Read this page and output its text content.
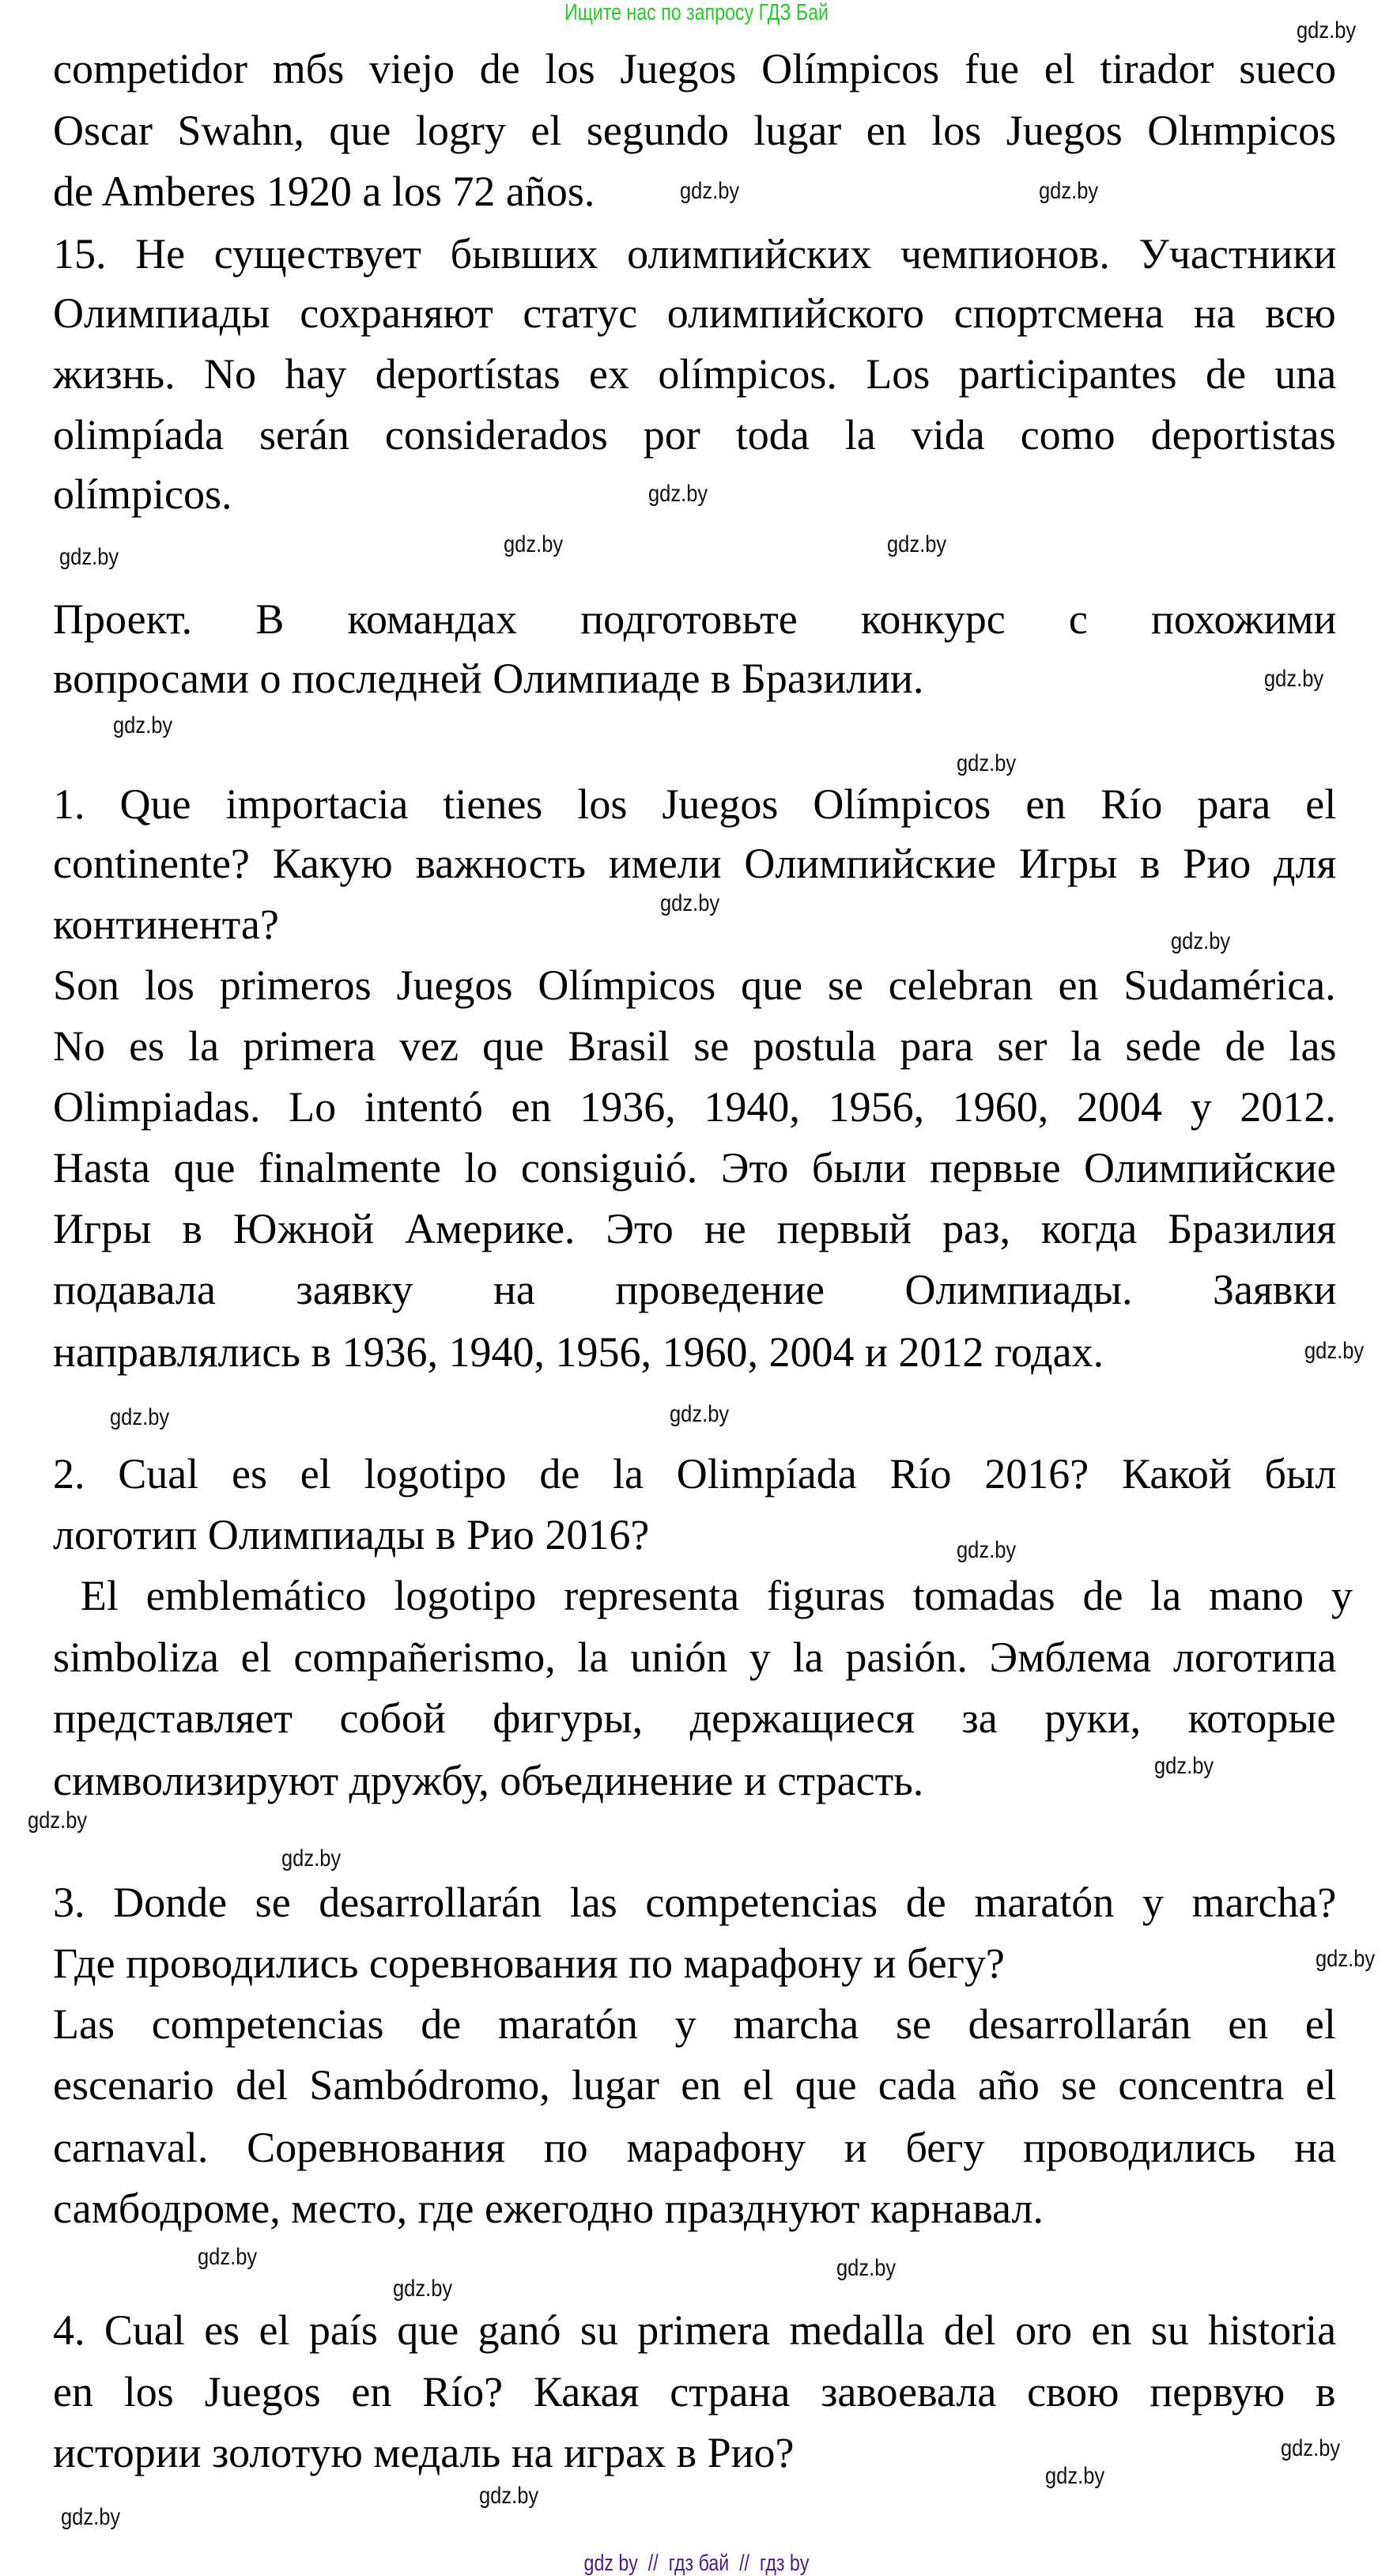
Ищите нас по запросу ГДЗ Бай
competidor mбs viejo de los Juegos Olímpicos fue el tirador sueco
Oscar Swahn, que logry el segundo lugar en los Juegos Olнmpicos
de Amberes 1920 a los 72 años.
15. Не существует бывших олимпийских чемпионов. Участники
Олимпиады сохраняют статус олимпийского спортсмена на всю
жизнь. No hay deportístas ex olímpicos. Los participantes de una
olimpíada serán considerados por toda la vida como deportistas
olímpicos.
Проект. В командах подготовьте конкурс с похожими
вопросами о последней Олимпиаде в Бразилии.
1. Que importacia tienes los Juegos Olímpicos en Río para el
continente? Какую важность имели Олимпийские Игры в Рио для
континента?
Son los primeros Juegos Olímpicos que se celebran en Sudamérica.
No es la primera vez que Brasil se postula para ser la sede de las
Olimpiadas. Lo intentó en 1936, 1940, 1956, 1960, 2004 y 2012.
Hasta que finalmente lo consiguió. Это были первые Олимпийские
Игры в Южной Америке. Это не первый раз, когда Бразилия
подавала заявку на проведение Олимпиады. Заявки
направлялись в 1936, 1940, 1956, 1960, 2004 и 2012 годах.
2. Cual es el logotipo de la Olimpíada Río 2016? Какой был
логотип Олимпиады в Рио 2016?
El emblemático logotipo representa figuras tomadas de la mano y
simboliza el compañerismo, la unión y la pasión. Эмблема логотипа
представляет собой фигуры, держащиеся за руки, которые
символизируют дружбу, объединение и страсть.
3. Donde se desarrollarán las competencias de maratón y marcha?
Где проводились соревнования по марафону и бегу?
Las competencias de maratón y marcha se desarrollarán en el
escenario del Sambódromo, lugar en el que cada año se concentra el
carnaval. Соревнования по марафону и бегу проводились на
самбодроме, место, где ежегодно празднуют карнавал.
4. Cual es el país que ganó su primera medalla del oro en su historia
en los Juegos en Río? Какая страна завоевала свою первую в
истории золотую медаль на играх в Рио?
gdz.by
gdz.by
gdz.by
gdz.by	gdz.by
gdz.by
gdz.by
gdz.by
gdz.by
gdz.by
gdz.by
gdz.by
gdz.by
gdz.by
gdz.by
gdz.by
gdz.by
gdz.by
gdz.by
gdz.by
gdz.by
gdz.by
gdz.by
gdz.by
gdz.by
gdz.by
gdz.by
gdz by  //  гдз бай  //  гдз by
